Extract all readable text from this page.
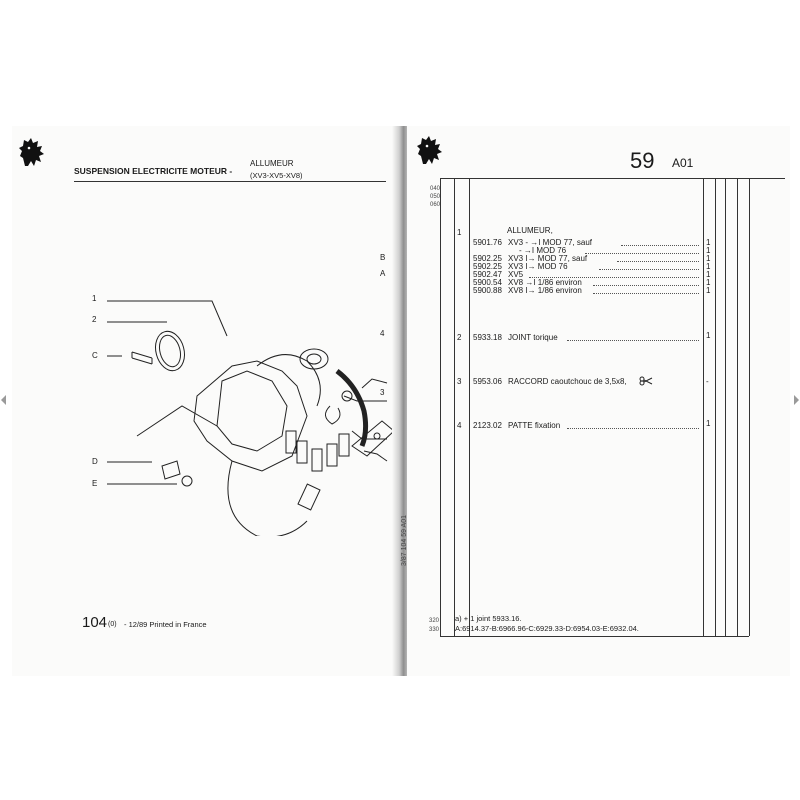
SUSPENSION ELECTRICITE MOTEUR -
ALLUMEUR
(XV3-XV5-XV8)
1
2
C
D
E
B
A
4
3
104 (0) - 12/89 Printed in France
59 A01
040
050
060
1	ALLUMEUR,
5901.76 XV3 - →I MOD 77, sauf	1
- →I MOD 76	1
5902.25 XV3 I→ MOD 77, sauf	1
5902.25 XV3 I→ MOD 76	1
5902.47 XV5	1
5900.54 XV8 →I 1/86 environ	1
5900.88 XV8 I→ 1/86 environ	1
2 5933.18 JOINT torique	1
3 5953.06 RACCORD caoutchouc de 3,5x8,	-
4 2123.02 PATTE fixation	1
3/87 104 59 A01
320
330
a) + 1 joint 5933.16.
A:6914.37-B:6966.96-C:6929.33-D:6954.03-E:6932.04.
